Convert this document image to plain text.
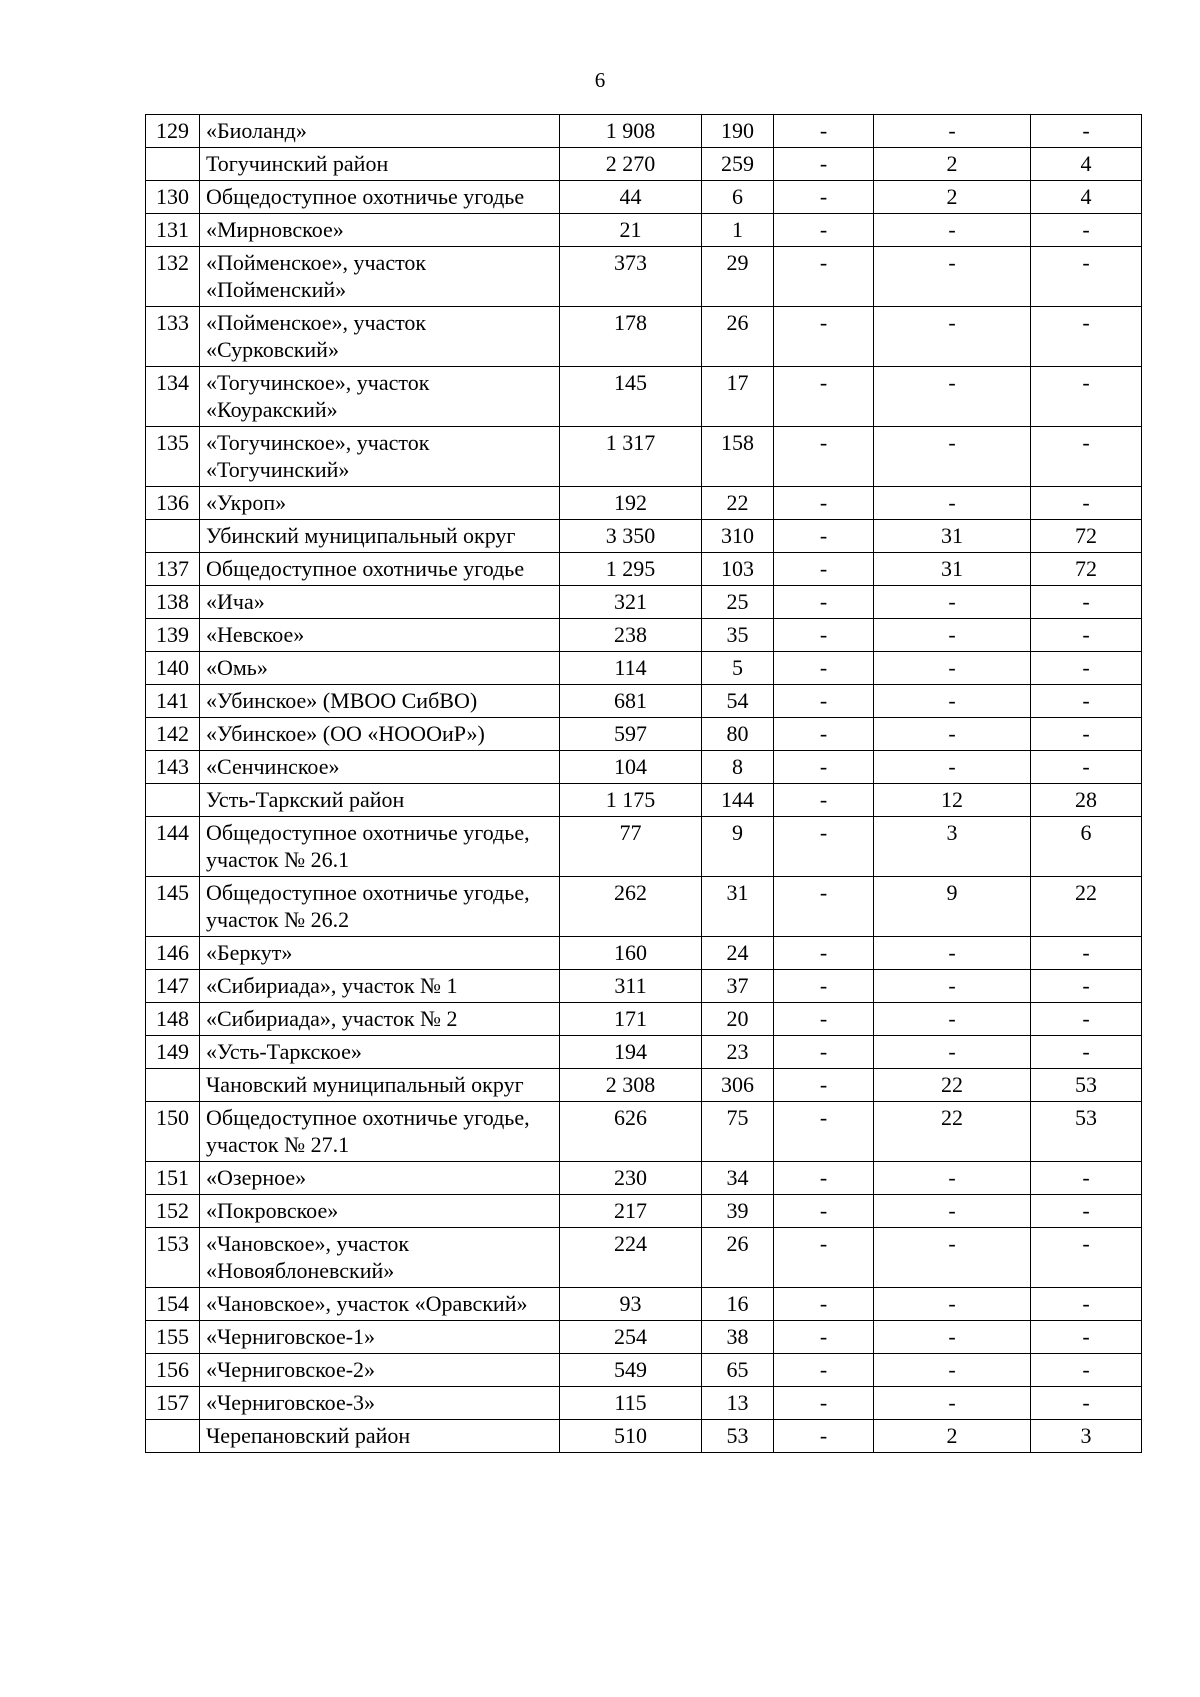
6
129	«Биоланд»	1 908	190	-	-	-
	Тогучинский район	2 270	259	-	2	4
130	Общедоступное охотничье угодье	44	6	-	2	4
131	«Мирновское»	21	1	-	-	-
132	«Пойменское», участок «Пойменский»	373	29	-	-	-
133	«Пойменское», участок «Сурковский»	178	26	-	-	-
134	«Тогучинское», участок «Коуракский»	145	17	-	-	-
135	«Тогучинское», участок «Тогучинский»	1 317	158	-	-	-
136	«Укроп»	192	22	-	-	-
	Убинский муниципальный округ	3 350	310	-	31	72
137	Общедоступное охотничье угодье	1 295	103	-	31	72
138	«Ича»	321	25	-	-	-
139	«Невское»	238	35	-	-	-
140	«Омь»	114	5	-	-	-
141	«Убинское» (МВОО СибВО)	681	54	-	-	-
142	«Убинское» (ОО «НОООиР»)	597	80	-	-	-
143	«Сенчинское»	104	8	-	-	-
	Усть-Таркский район	1 175	144	-	12	28
144	Общедоступное охотничье угодье, участок № 26.1	77	9	-	3	6
145	Общедоступное охотничье угодье, участок № 26.2	262	31	-	9	22
146	«Беркут»	160	24	-	-	-
147	«Сибириада», участок № 1	311	37	-	-	-
148	«Сибириада», участок № 2	171	20	-	-	-
149	«Усть-Таркское»	194	23	-	-	-
	Чановский муниципальный округ	2 308	306	-	22	53
150	Общедоступное охотничье угодье, участок № 27.1	626	75	-	22	53
151	«Озерное»	230	34	-	-	-
152	«Покровское»	217	39	-	-	-
153	«Чановское», участок «Новояблоневский»	224	26	-	-	-
154	«Чановское», участок «Оравский»	93	16	-	-	-
155	«Черниговское-1»	254	38	-	-	-
156	«Черниговское-2»	549	65	-	-	-
157	«Черниговское-3»	115	13	-	-	-
	Черепановский район	510	53	-	2	3
